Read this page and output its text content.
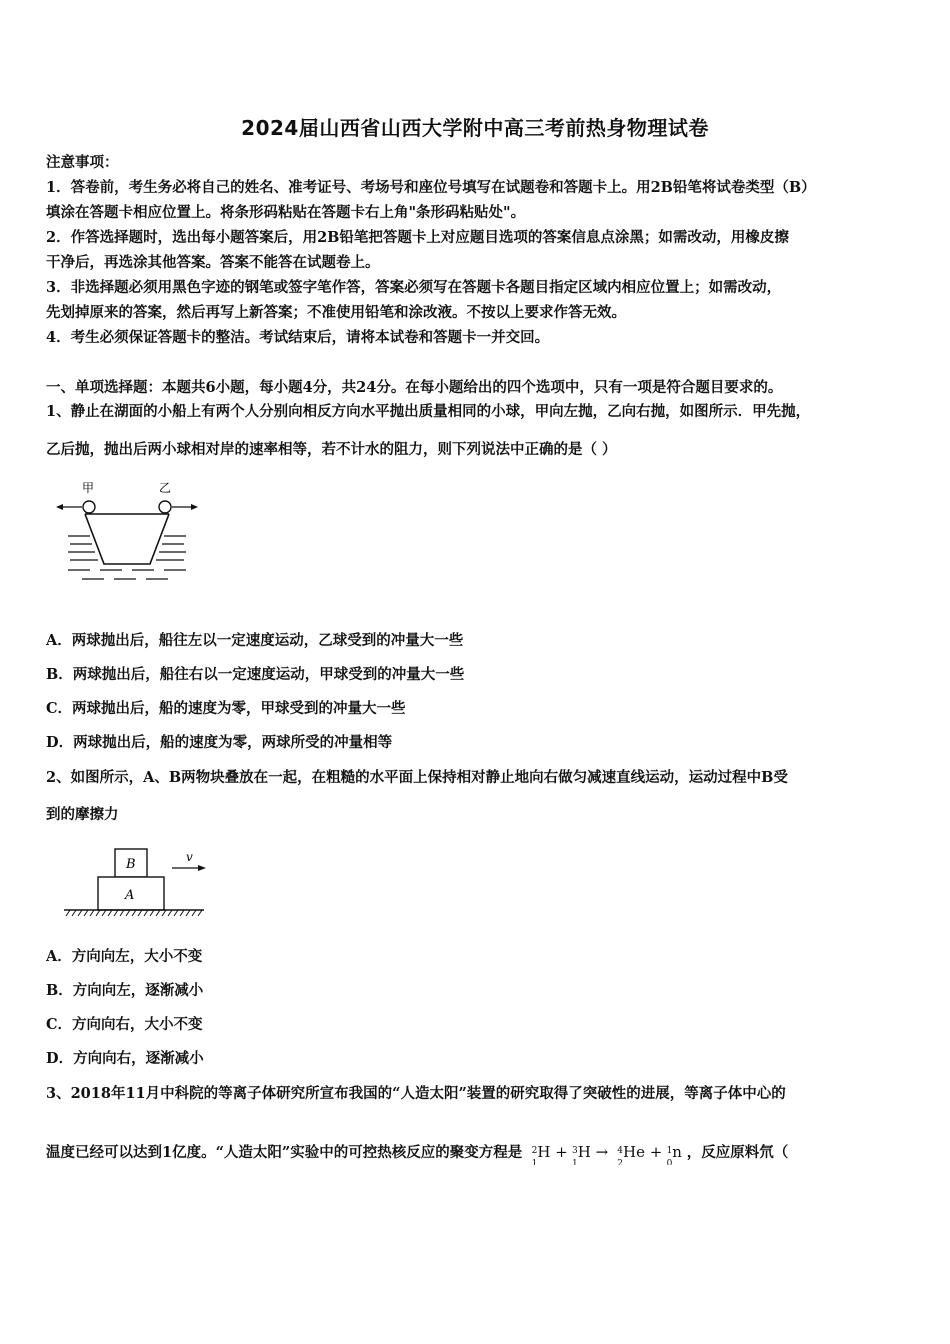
2024届山西省山西大学附中高三考前热身物理试卷
注意事项：
1．答卷前，考生务必将自己的姓名、准考证号、考场号和座位号填写在试题卷和答题卡上。用2B铅笔将试卷类型（B）
填涂在答题卡相应位置上。将条形码粘贴在答题卡右上角"条形码粘贴处"。
2．作答选择题时，选出每小题答案后，用2B铅笔把答题卡上对应题目选项的答案信息点涂黑；如需改动，用橡皮擦
干净后，再选涂其他答案。答案不能答在试题卷上。
3．非选择题必须用黑色字迹的钢笔或签字笔作答，答案必须写在答题卡各题目指定区域内相应位置上；如需改动，
先划掉原来的答案，然后再写上新答案；不准使用铅笔和涂改液。不按以上要求作答无效。
4．考生必须保证答题卡的整洁。考试结束后，请将本试卷和答题卡一并交回。
一、单项选择题：本题共6小题，每小题4分，共24分。在每小题给出的四个选项中，只有一项是符合题目要求的。
1、静止在湖面的小船上有两个人分别向相反方向水平抛出质量相同的小球，甲向左抛，乙向右抛，如图所示．甲先抛，
乙后抛，抛出后两小球相对岸的速率相等，若不计水的阻力，则下列说法中正确的是（ ）
甲	乙
A．两球抛出后，船往左以一定速度运动，乙球受到的冲量大一些
B．两球抛出后，船往右以一定速度运动，甲球受到的冲量大一些
C．两球抛出后，船的速度为零，甲球受到的冲量大一些
D．两球抛出后，船的速度为零，两球所受的冲量相等
2、如图所示，A、B两物块叠放在一起，在粗糙的水平面上保持相对静止地向右做匀减速直线运动，运动过程中B受
到的摩擦力
B
A
v
A．方向向左，大小不变
B．方向向左，逐渐减小
C．方向向右，大小不变
D．方向向右，逐渐减小
3、2018年11月中科院的等离子体研究所宣布我国的“人造太阳”装置的研究取得了突破性的进展，等离子体中心的
温度已经可以达到1亿度。“人造太阳”实验中的可控热核反应的聚变方程是 2
1
H + 3
1
H → 4
2
He + 1
0
n ，反应原料氘（
